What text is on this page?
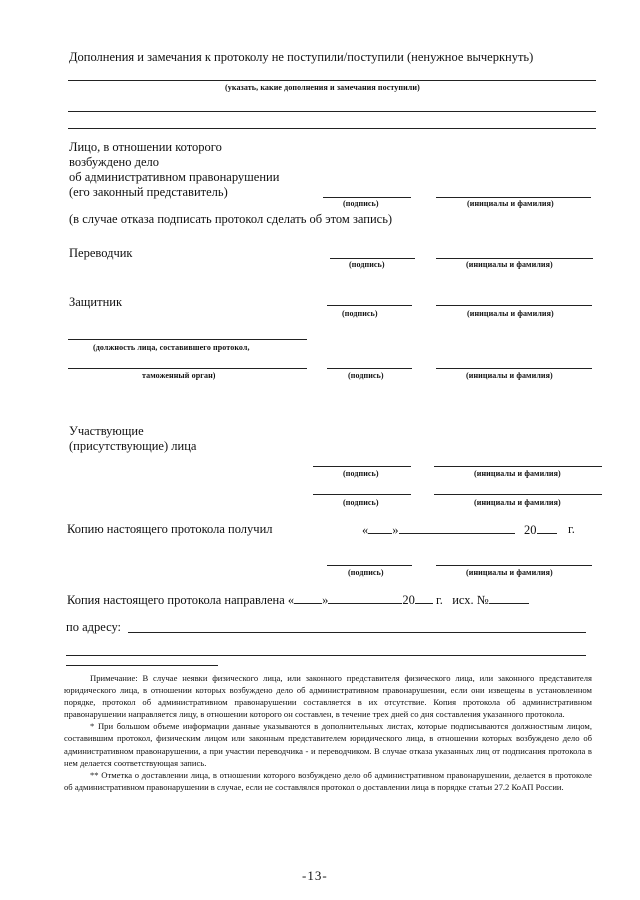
Дополнения и замечания к протоколу не поступили/поступили (ненужное вычеркнуть)
(указать, какие дополнения и замечания поступили)
Лицо, в отношении которого
возбуждено дело
об административном правонарушении
(его законный представитель)
(подпись)	(инициалы и фамилия)
(в случае отказа подписать протокол сделать об этом запись)
Переводчик
(подпись)	(инициалы и фамилия)
Защитник
(подпись)	(инициалы и фамилия)
(должность лица, составившего протокол,
таможенный орган)	(подпись)	(инициалы и фамилия)
Участвующие
(присутствующие) лица
(подпись)	(инициалы и фамилия)
(подпись)	(инициалы и фамилия)
Копию настоящего протокола получил	« »	20	г.
(подпись)	(инициалы и фамилия)
Копия настоящего протокола направлена « »	20 г. исх. №
по адресу:

Примечание: В случае неявки физического лица, или законного представителя физического лица, или законного представителя юридического лица, в отношении которых возбуждено дело об административном правонарушении, если они извещены в установленном порядке, протокол об административном правонарушении составляется в их отсутствие. Копия протокола об административном правонарушении направляется лицу, в отношении которого он составлен, в течение трех дней со дня составления указанного протокола.

* При большом объеме информации данные указываются в дополнительных листах, которые подписываются должностным лицом, составившим протокол, физическим лицом или законным представителем юридического лица, в отношении которых возбуждено дело об административном правонарушении, а при участии переводчика - и переводчиком. В случае отказа указанных лиц от подписания протокола в нем делается соответствующая запись.

** Отметка о доставлении лица, в отношении которого возбуждено дело об административном правонарушении, делается в протоколе об административном правонарушении в случае, если не составлялся протокол о доставлении лица в порядке статьи 27.2 КоАП России.

-13-
